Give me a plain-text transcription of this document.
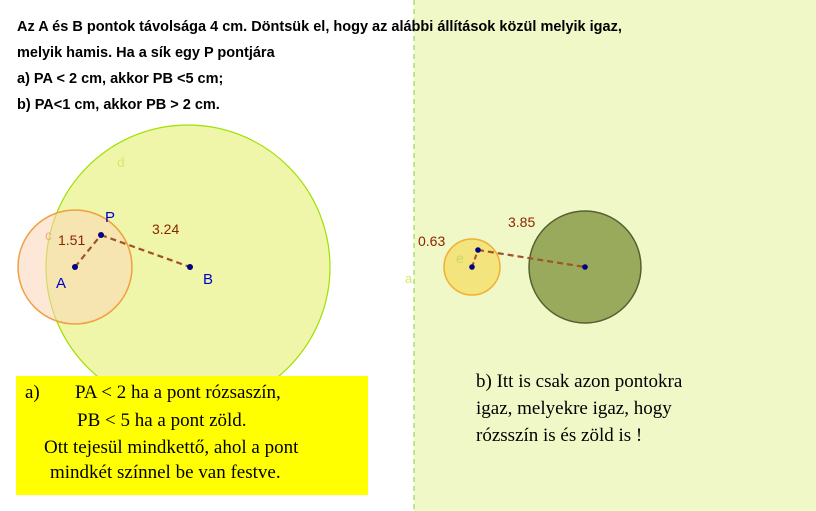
a
d
c
P
A	B
1.51
3.24
e
0.63
3.85
Az A és B pontok távolsága 4 cm. Döntsük el, hogy az alábbi állítások közül melyik igaz,
melyik hamis. Ha a sík egy P pontjára
a) PA < 2 cm, akkor PB <5 cm;
b) PA<1 cm, akkor PB > 2 cm.
a) PA < 2 ha a pont rózsaszín,
PB < 5 ha a pont zöld.
Ott tejesül mindkettő, ahol a pont
mindkét színnel be van festve.
b) Itt is csak azon pontokra
igaz, melyekre igaz, hogy
rózsszín is és zöld is !
